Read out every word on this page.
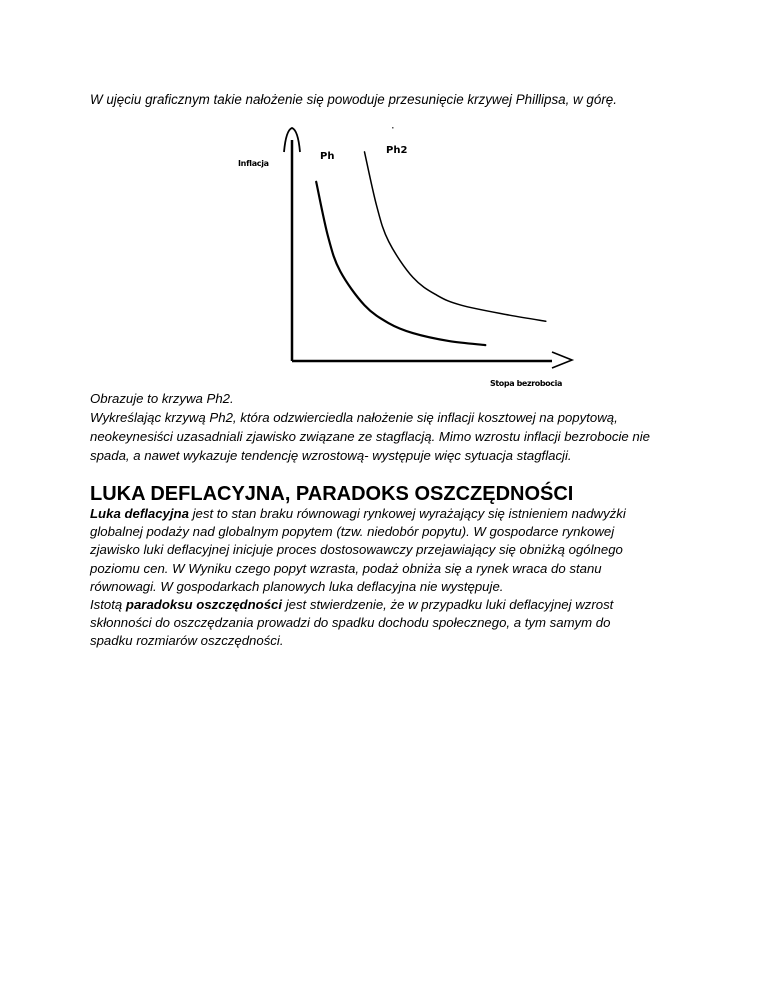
W ujęciu graficznym takie nałożenie się powoduje przesunięcie krzywej Phillipsa, w górę.
Inflacja
Stopa bezrobocia
Ph
Ph2

Obrazuje to krzywa Ph2.

Wykreślając krzywą Ph2, która odzwierciedla nałożenie się inflacji kosztowej na popytową,

neokeynesiści uzasadniali zjawisko związane ze stagflacją. Mimo wzrostu inflacji bezrobocie nie

spada, a nawet wykazuje tendencję wzrostową- występuje więc sytuacja stagflacji.

LUKA DEFLACYJNA, PARADOKS OSZCZĘDNOŚCI

Luka deflacyjna jest to stan braku równowagi rynkowej wyrażający się istnieniem nadwyżki

globalnej podaży nad globalnym popytem (tzw. niedobór popytu). W gospodarce rynkowej

zjawisko luki deflacyjnej inicjuje proces dostosowawczy przejawiający się obniżką ogólnego

poziomu cen. W Wyniku czego popyt wzrasta, podaż obniża się a rynek wraca do stanu

równowagi. W gospodarkach planowych luka deflacyjna nie występuje.

Istotą paradoksu oszczędności jest stwierdzenie, że w przypadku luki deflacyjnej wzrost

skłonności do oszczędzania prowadzi do spadku dochodu społecznego, a tym samym do

spadku rozmiarów oszczędności.
